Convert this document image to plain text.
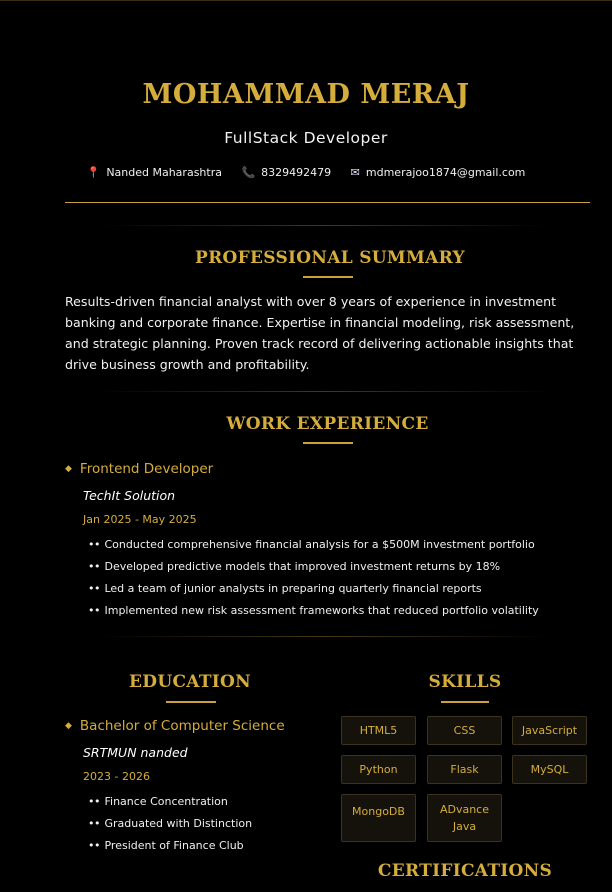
MOHAMMAD MERAJ
FullStack Developer
📍 Nanded Maharashtra 📞 8329492479 ✉ mdmerajoo1874@gmail.com
PROFESSIONAL SUMMARY
Results-driven financial analyst with over 8 years of experience in investment banking and corporate finance. Expertise in financial modeling, risk assessment, and strategic planning. Proven track record of delivering actionable insights that drive business growth and profitability.
WORK EXPERIENCE
◆ Frontend Developer
TechIt Solution
Jan 2025 - May 2025
• • Conducted comprehensive financial analysis for a $500M investment portfolio
• • Developed predictive models that improved investment returns by 18%
• • Led a team of junior analysts in preparing quarterly financial reports
• • Implemented new risk assessment frameworks that reduced portfolio volatility
EDUCATION
◆ Bachelor of Computer Science
SRTMUN nanded
2023 - 2026
• • Finance Concentration
• • Graduated with Distinction
• • President of Finance Club
SKILLS
HTML5	CSS	JavaScript
Python	Flask	MySQL
MongoDB	ADvance Java
CERTIFICATIONS
